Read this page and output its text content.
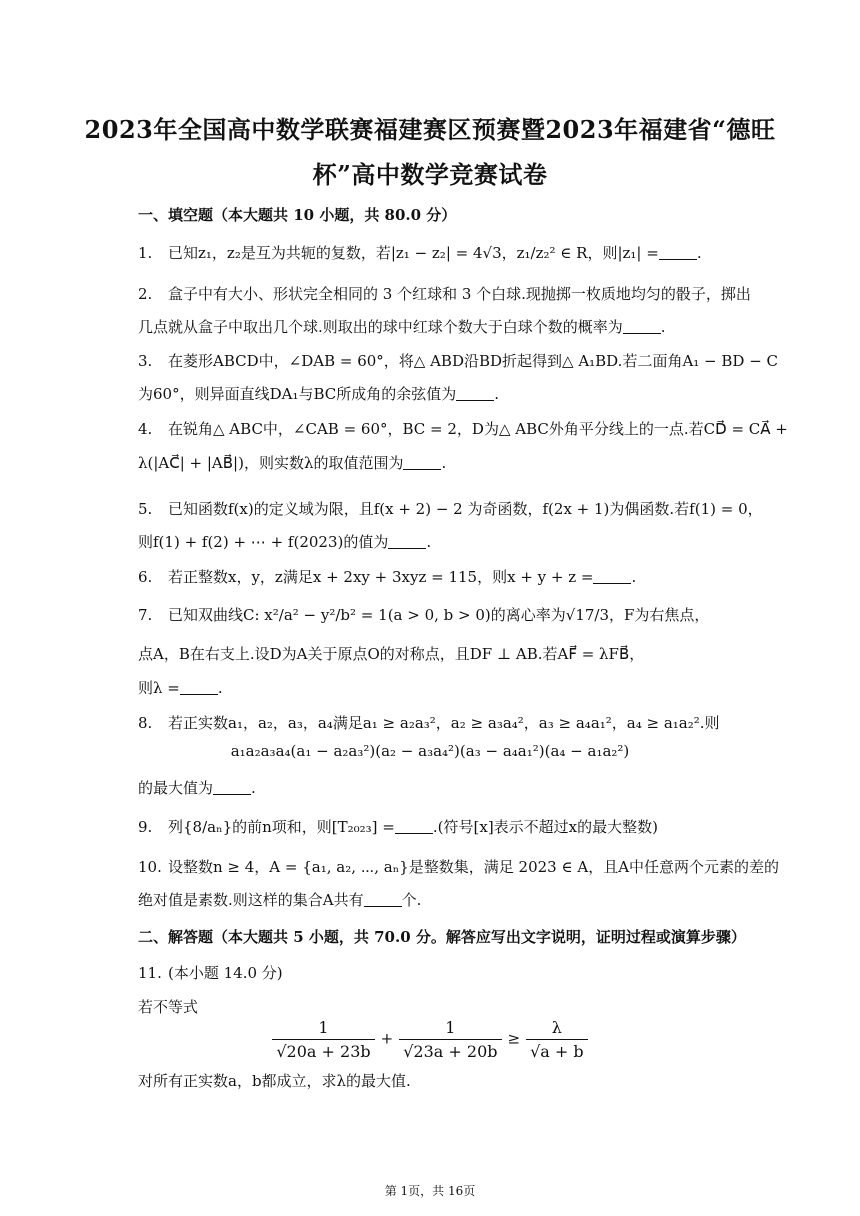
2023年全国高中数学联赛福建赛区预赛暨2023年福建省“德旺
杯”高中数学竞赛试卷
一、填空题（本大题共 10 小题，共 80.0 分）
1. 已知z₁，z₂是互为共轭的复数，若|z₁ − z₂| = 4√3，z₁/z₂² ∈ R，则|z₁| =	.
2. 盒子中有大小、形状完全相同的 3 个红球和 3 个白球.现抛掷一枚质地均匀的骰子，掷出
几点就从盒子中取出几个球.则取出的球中红球个数大于白球个数的概率为	.
3. 在菱形ABCD中，∠DAB = 60°，将△ ABD沿BD折起得到△ A₁BD.若二面角A₁ − BD − C
为60°，则异面直线DA₁与BC所成角的余弦值为	.
4. 在锐角△ ABC中，∠CAB = 60°，BC = 2，D为△ ABC外角平分线上的一点.若CD⃗ = CA⃗ +
λ(|AC⃗| + |AB⃗|)，则实数λ的取值范围为	.
5. 已知函数f(x)的定义域为限，且f(x + 2) − 2 为奇函数，f(2x + 1)为偶函数.若f(1) = 0，
则f(1) + f(2) + ⋯ + f(2023)的值为	.
6. 若正整数x，y，z满足x + 2xy + 3xyz = 115，则x + y + z =	.
7. 已知双曲线C: x²/a² − y²/b² = 1(a > 0, b > 0)的离心率为√17/3，F为右焦点，
点A，B在右支上.设D为A关于原点O的对称点，且DF ⊥ AB.若AF⃗ = λFB⃗，
则λ =	.
8. 若正实数a₁，a₂，a₃，a₄满足a₁ ≥ a₂a₃²，a₂ ≥ a₃a₄²，a₃ ≥ a₄a₁²，a₄ ≥ a₁a₂².则
a₁a₂a₃a₄(a₁ − a₂a₃²)(a₂ − a₃a₄²)(a₃ − a₄a₁²)(a₄ − a₁a₂²)
的最大值为	.
9. 列{8/aₙ}的前n项和，则[T₂₀₂₃] =	.(符号[x]表示不超过x的最大整数)
10. 设整数n ≥ 4，A = {a₁, a₂, ⋯, aₙ}是整数集，满足 2023 ∈ A，且A中任意两个元素的差的
绝对值是素数.则这样的集合A共有	个.
二、解答题（本大题共 5 小题，共 70.0 分。解答应写出文字说明，证明过程或演算步骤）
11. (本小题 14.0 分)
若不等式
$\frac{1}{√20a + 23b} + \frac{1}{√23a + 20b} \ge \frac{\lambda}{√a + b}$
对所有正实数a，b都成立，求λ的最大值.
第 1页，共 16页
